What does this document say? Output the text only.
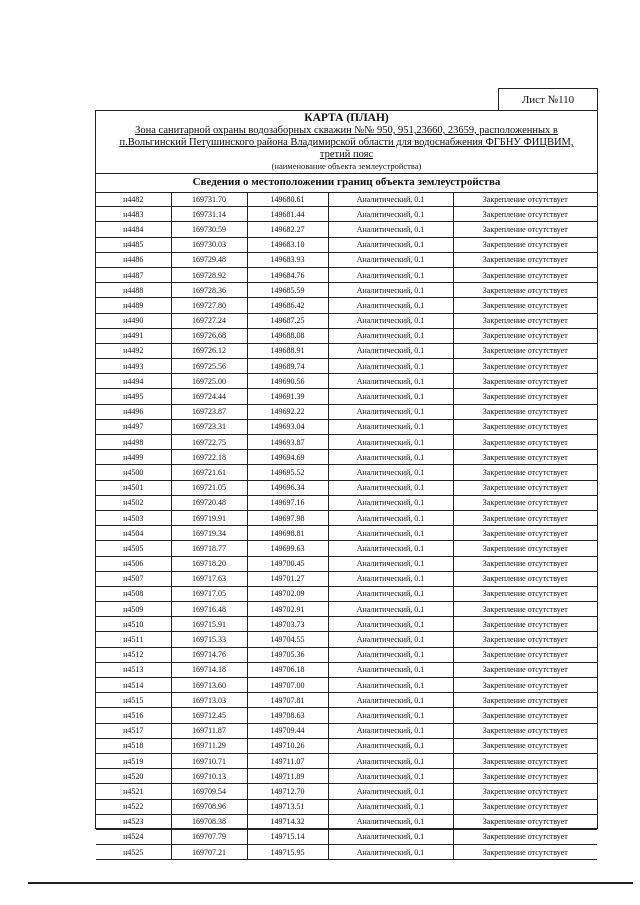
Лист №110
КАРТА (ПЛАН)
Зона санитарной охраны водозаборных скважин №№ 950, 951,23660, 23659, расположенных в
п.Вольгинский Петушинского района Владимирской области для водоснабжения ФГБНУ ФИЦВИМ,
третий пояс
(наименование объекта землеустройства)
Сведения о местоположении границ объекта землеустройства
н4482	169731.70	149680.61	Аналитический, 0.1	Закрепление отсутствует
н4483	169731.14	149681.44	Аналитический, 0.1	Закрепление отсутствует
н4484	169730.59	149682.27	Аналитический, 0.1	Закрепление отсутствует
н4485	169730.03	149683.10	Аналитический, 0.1	Закрепление отсутствует
н4486	169729.48	149683.93	Аналитический, 0.1	Закрепление отсутствует
н4487	169728.92	149684.76	Аналитический, 0.1	Закрепление отсутствует
н4488	169728.36	149685.59	Аналитический, 0.1	Закрепление отсутствует
н4489	169727.80	149686.42	Аналитический, 0.1	Закрепление отсутствует
н4490	169727.24	149687.25	Аналитический, 0.1	Закрепление отсутствует
н4491	169726.68	149688.08	Аналитический, 0.1	Закрепление отсутствует
н4492	169726.12	149688.91	Аналитический, 0.1	Закрепление отсутствует
н4493	169725.56	149689.74	Аналитический, 0.1	Закрепление отсутствует
н4494	169725.00	149690.56	Аналитический, 0.1	Закрепление отсутствует
н4495	169724.44	149691.39	Аналитический, 0.1	Закрепление отсутствует
н4496	169723.87	149692.22	Аналитический, 0.1	Закрепление отсутствует
н4497	169723.31	149693.04	Аналитический, 0.1	Закрепление отсутствует
н4498	169722.75	149693.87	Аналитический, 0.1	Закрепление отсутствует
н4499	169722.18	149694.69	Аналитический, 0.1	Закрепление отсутствует
н4500	169721.61	149695.52	Аналитический, 0.1	Закрепление отсутствует
н4501	169721.05	149696.34	Аналитический, 0.1	Закрепление отсутствует
н4502	169720.48	149697.16	Аналитический, 0.1	Закрепление отсутствует
н4503	169719.91	149697.98	Аналитический, 0.1	Закрепление отсутствует
н4504	169719.34	149698.81	Аналитический, 0.1	Закрепление отсутствует
н4505	169718.77	149699.63	Аналитический, 0.1	Закрепление отсутствует
н4506	169718.20	149700.45	Аналитический, 0.1	Закрепление отсутствует
н4507	169717.63	149701.27	Аналитический, 0.1	Закрепление отсутствует
н4508	169717.05	149702.09	Аналитический, 0.1	Закрепление отсутствует
н4509	169716.48	149702.91	Аналитический, 0.1	Закрепление отсутствует
н4510	169715.91	149703.73	Аналитический, 0.1	Закрепление отсутствует
н4511	169715.33	149704.55	Аналитический, 0.1	Закрепление отсутствует
н4512	169714.76	149705.36	Аналитический, 0.1	Закрепление отсутствует
н4513	169714.18	149706.18	Аналитический, 0.1	Закрепление отсутствует
н4514	169713.60	149707.00	Аналитический, 0.1	Закрепление отсутствует
н4515	169713.03	149707.81	Аналитический, 0.1	Закрепление отсутствует
н4516	169712.45	149708.63	Аналитический, 0.1	Закрепление отсутствует
н4517	169711.87	149709.44	Аналитический, 0.1	Закрепление отсутствует
н4518	169711.29	149710.26	Аналитический, 0.1	Закрепление отсутствует
н4519	169710.71	149711.07	Аналитический, 0.1	Закрепление отсутствует
н4520	169710.13	149711.89	Аналитический, 0.1	Закрепление отсутствует
н4521	169709.54	149712.70	Аналитический, 0.1	Закрепление отсутствует
н4522	169708.96	149713.51	Аналитический, 0.1	Закрепление отсутствует
н4523	169708.38	149714.32	Аналитический, 0.1	Закрепление отсутствует
н4524	169707.79	149715.14	Аналитический, 0.1	Закрепление отсутствует
н4525	169707.21	149715.95	Аналитический, 0.1	Закрепление отсутствует
